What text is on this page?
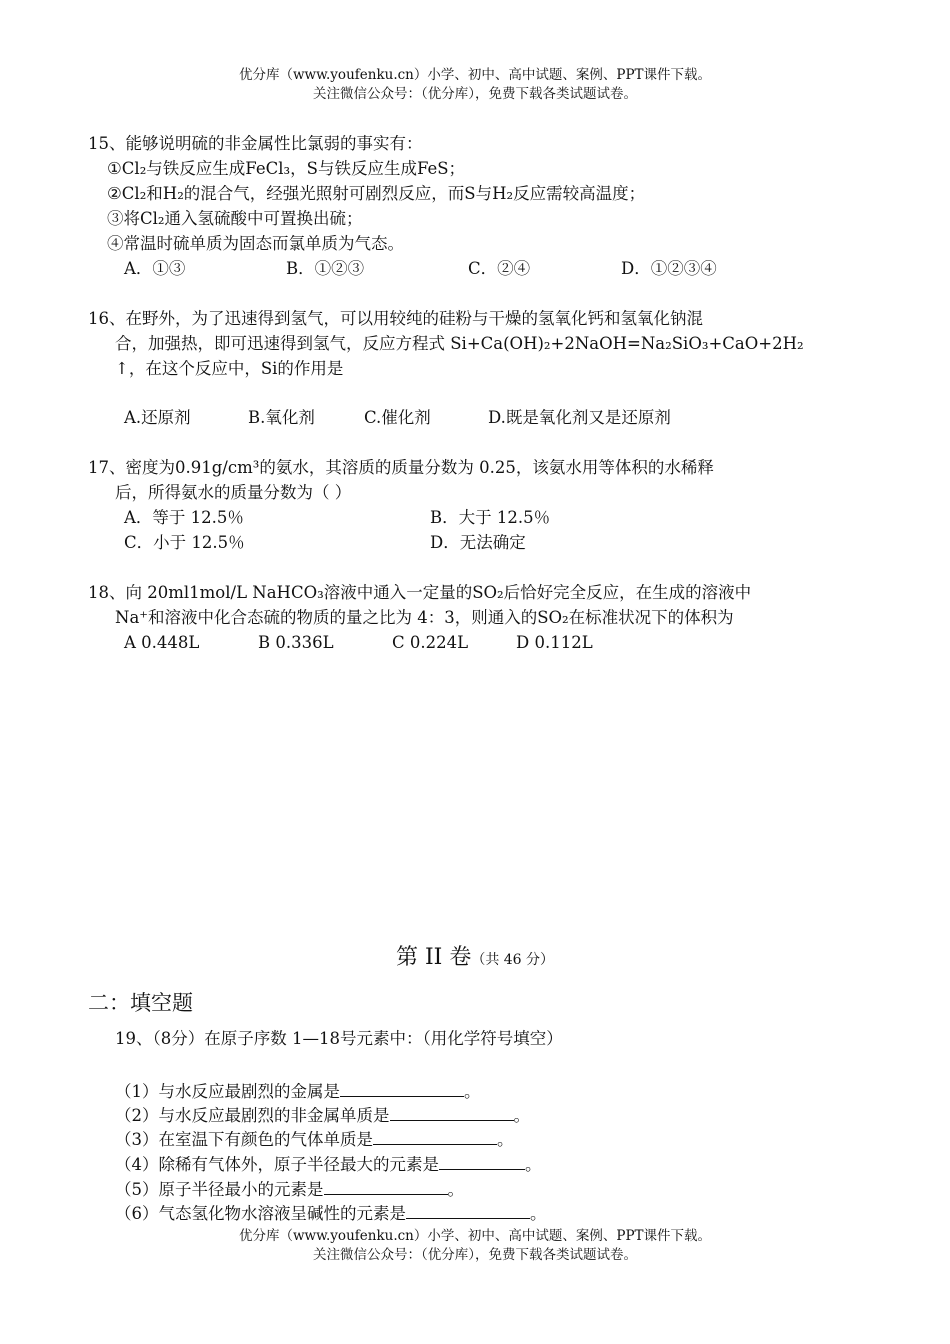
优分库（www.youfenku.cn）小学、初中、高中试题、案例、PPT课件下载。
关注微信公众号：（优分库），免费下载各类试题试卷。
15、能够说明硫的非金属性比氯弱的事实有：
①Cl₂与铁反应生成FeCl₃，S与铁反应生成FeS；
②Cl₂和H₂的混合气，经强光照射可剧烈反应，而S与H₂反应需较高温度；
③将Cl₂通入氢硫酸中可置换出硫；
④常温时硫单质为固态而氯单质为气态。
A．①③	B．①②③	C．②④	D．①②③④
16、在野外，为了迅速得到氢气，可以用较纯的硅粉与干燥的氢氧化钙和氢氧化钠混
合，加强热，即可迅速得到氢气，反应方程式 Si+Ca(OH)₂+2NaOH=Na₂SiO₃+CaO+2H₂
↑，在这个反应中，Si的作用是
A.还原剂	B.氧化剂	C.催化剂	D.既是氧化剂又是还原剂
17、密度为0.91g/cm³的氨水，其溶质的质量分数为 0.25，该氨水用等体积的水稀释
后，所得氨水的质量分数为（ ）
A．等于 12.5％	B．大于 12.5％
C．小于 12.5％	D．无法确定
18、向 20ml1mol/L NaHCO₃溶液中通入一定量的SO₂后恰好完全反应，在生成的溶液中
Na⁺和溶液中化合态硫的物质的量之比为 4：3，则通入的SO₂在标准状况下的体积为
A 0.448L	B 0.336L	C 0.224L	D 0.112L
第 II 卷（共 46 分）
二：填空题
19、（8分）在原子序数 1—18号元素中：（用化学符号填空）
（1）与水反应最剧烈的金属是	。
（2）与水反应最剧烈的非金属单质是	。
（3）在室温下有颜色的气体单质是	。
（4）除稀有气体外，原子半径最大的元素是	。
（5）原子半径最小的元素是	。
（6）气态氢化物水溶液呈碱性的元素是	。
优分库（www.youfenku.cn）小学、初中、高中试题、案例、PPT课件下载。
关注微信公众号：（优分库），免费下载各类试题试卷。
